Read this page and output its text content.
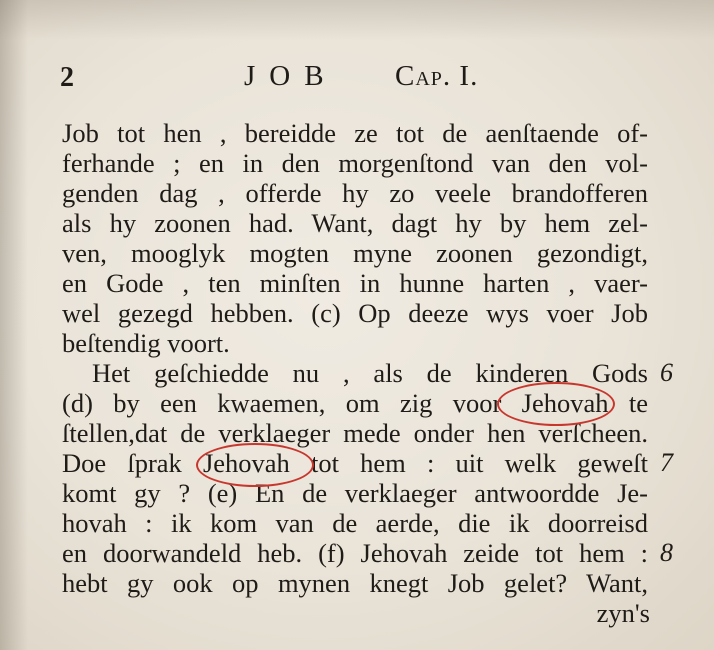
2	JOB Cap. I.
Job tot hen , bereidde ze tot de aenſtaende of-
ferhande ; en in den morgenſtond van den vol-
genden dag , offerde hy zo veele brandofferen
als hy zoonen had. Want, dagt hy by hem zel-
ven, mooglyk mogten myne zoonen gezondigt,
en Gode , ten minſten in hunne harten , vaer-
wel gezegd hebben. (c) Op deeze wys voer Job
beſtendig voort.
Het geſchiedde nu , als de kinderen Gods
(d) by een kwaemen, om zig voor Jehovah te
ſtellen,dat de verklaeger mede onder hen verſcheen.
Doe ſprak Jehovah tot hem : uit welk geweſt
komt gy ? (e) En de verklaeger antwoordde Je-
hovah : ik kom van de aerde, die ik doorreisd
en doorwandeld heb. (f) Jehovah zeide tot hem :
hebt gy ook op mynen knegt Job gelet? Want,
zyn's
6
7
8
